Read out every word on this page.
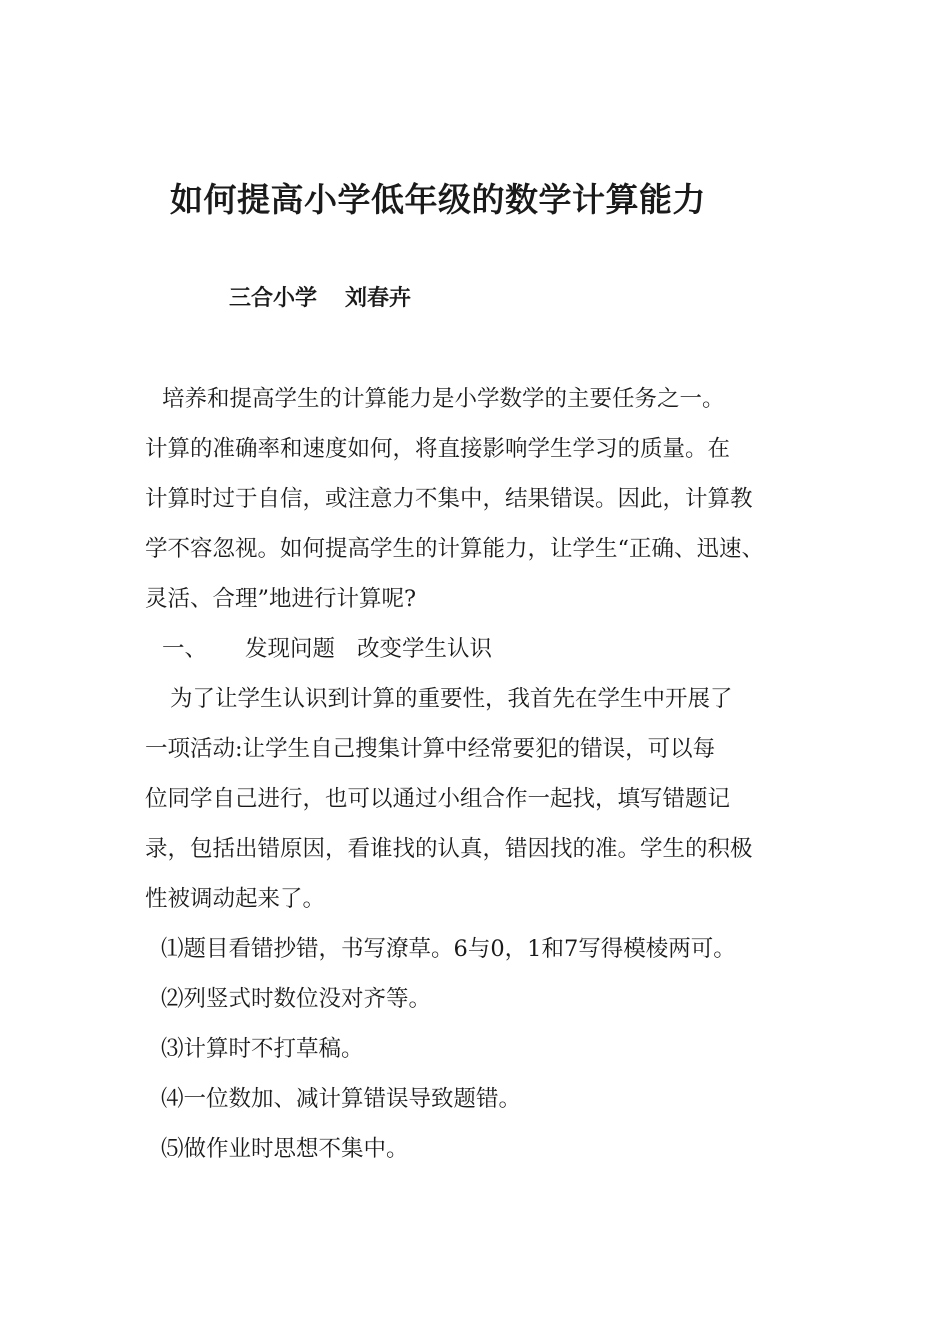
如何提高小学低年级的数学计算能力
三合小学 刘春卉
培养和提高学生的计算能力是小学数学的主要任务之一。
计算的准确率和速度如何，将直接影响学生学习的质量。在
计算时过于自信，或注意力不集中，结果错误。因此，计算教
学不容忽视。如何提高学生的计算能力，让学生“正确、迅速、
灵活、合理”地进行计算呢?
一、 发现问题 改变学生认识
为了让学生认识到计算的重要性，我首先在学生中开展了
一项活动:让学生自己搜集计算中经常要犯的错误，可以每
位同学自己进行，也可以通过小组合作一起找，填写错题记
录，包括出错原因，看谁找的认真，错因找的准。学生的积极
性被调动起来了。
⑴题目看错抄错，书写潦草。6与0，1和7写得模棱两可。
⑵列竖式时数位没对齐等。
⑶计算时不打草稿。
⑷一位数加、减计算错误导致题错。
⑸做作业时思想不集中。
